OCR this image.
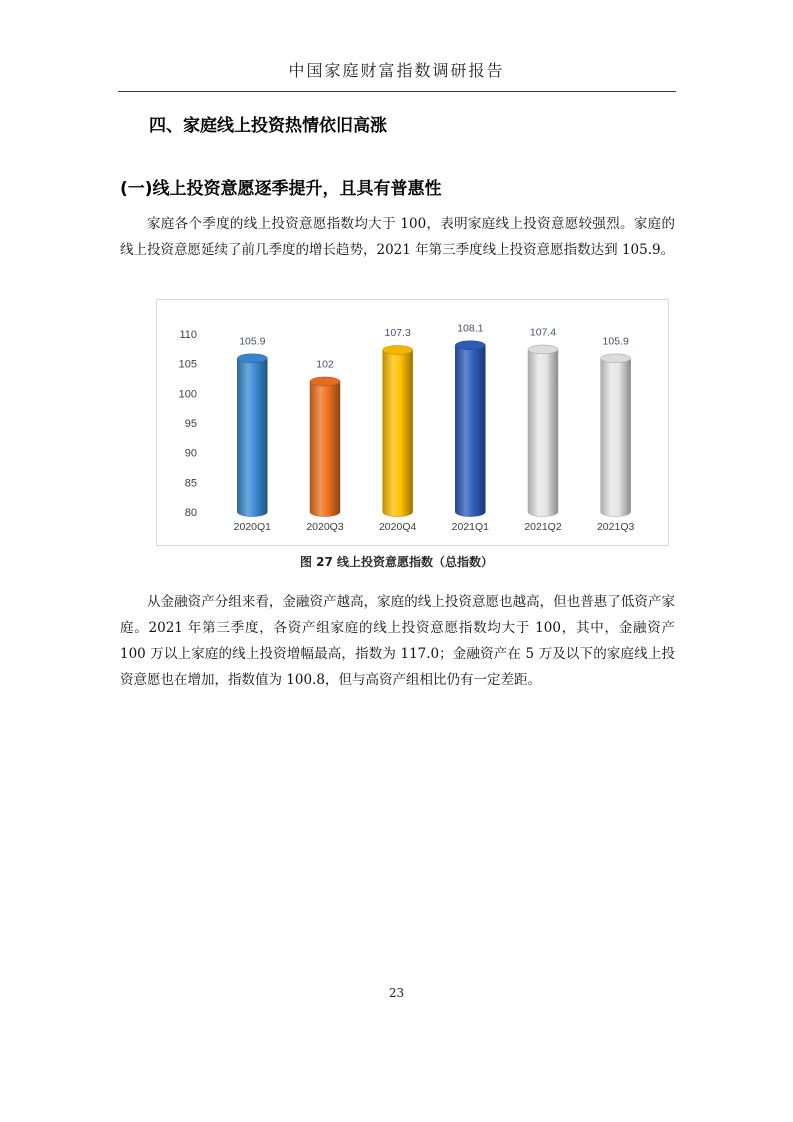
中国家庭财富指数调研报告
四、家庭线上投资热情依旧高涨
(一)线上投资意愿逐季提升，且具有普惠性
家庭各个季度的线上投资意愿指数均大于 100，表明家庭线上投资意愿较强烈。家庭的线上投资意愿延续了前几季度的增长趋势，2021 年第三季度线上投资意愿指数达到 105.9。
110
105
100
95
90
85
80
105.9
2020Q1
102
2020Q3
107.3
2020Q4
108.1
2021Q1
107.4
2021Q2
105.9
2021Q3
图 27 线上投资意愿指数（总指数）
从金融资产分组来看，金融资产越高，家庭的线上投资意愿也越高，但也普惠了低资产家庭。2021 年第三季度，各资产组家庭的线上投资意愿指数均大于 100，其中，金融资产 100 万以上家庭的线上投资增幅最高，指数为 117.0；金融资产在 5 万及以下的家庭线上投资意愿也在增加，指数值为 100.8，但与高资产组相比仍有一定差距。
23
